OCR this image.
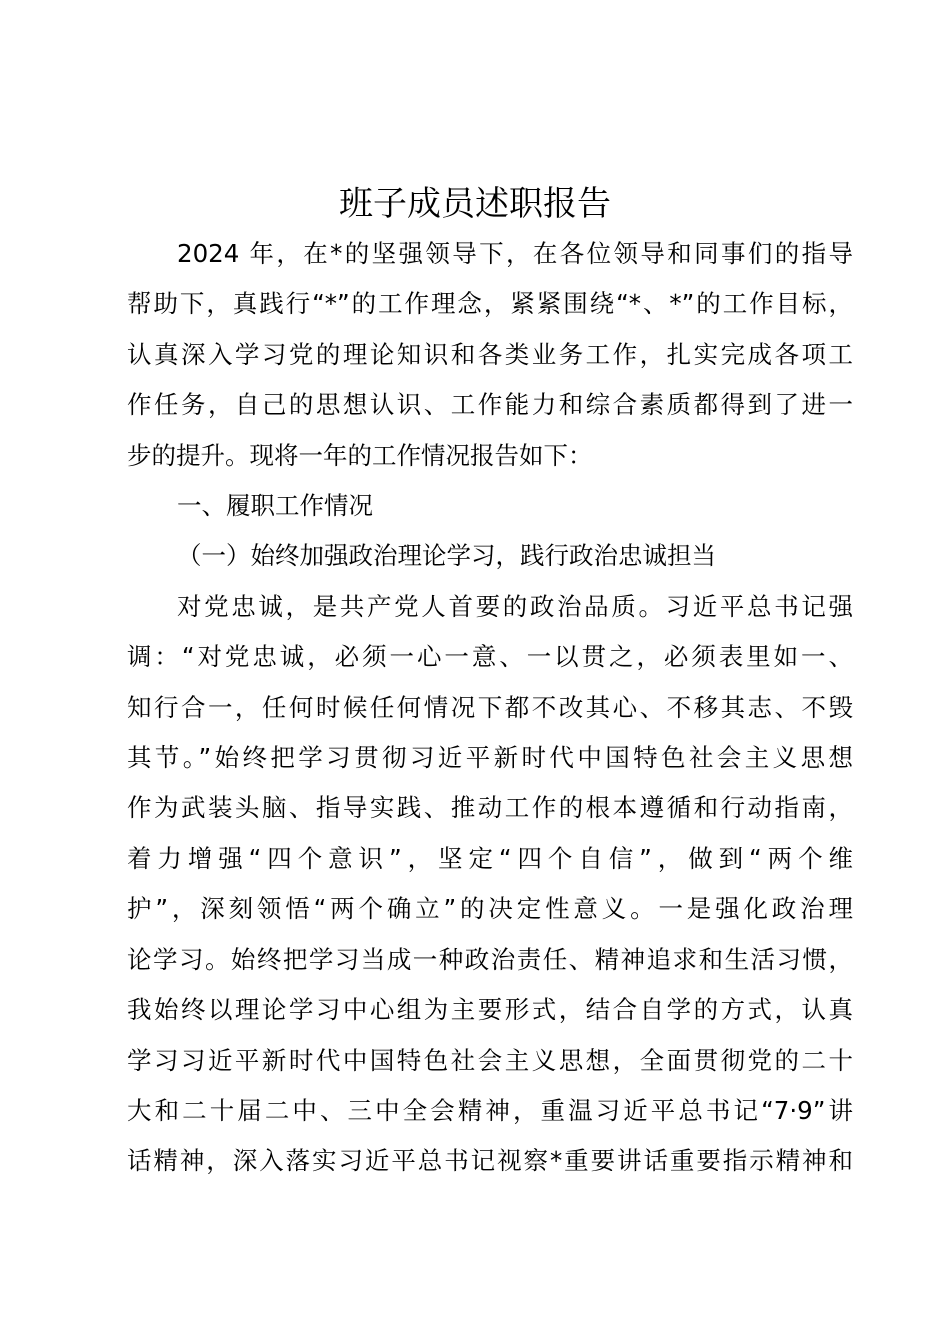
班子成员述职报告

2024 年，在*的坚强领导下，在各位领导和同事们的指导
帮助下，真践行“*”的工作理念，紧紧围绕“*、*”的工作目标，
认真深入学习党的理论知识和各类业务工作，扎实完成各项工
作任务，自己的思想认识、工作能力和综合素质都得到了进一
步的提升。现将一年的工作情况报告如下：

一、履职工作情况

（一）始终加强政治理论学习，践行政治忠诚担当

对党忠诚，是共产党人首要的政治品质。习近平总书记强
调：“对党忠诚，必须一心一意、一以贯之，必须表里如一、
知行合一，任何时候任何情况下都不改其心、不移其志、不毁
其节。”始终把学习贯彻习近平新时代中国特色社会主义思想
作为武装头脑、指导实践、推动工作的根本遵循和行动指南，
着力增强“四个意识”，坚定“四个自信”，做到“两个维
护”，深刻领悟“两个确立”的决定性意义。一是强化政治理
论学习。始终把学习当成一种政治责任、精神追求和生活习惯，
我始终以理论学习中心组为主要形式，结合自学的方式，认真
学习习近平新时代中国特色社会主义思想，全面贯彻党的二十
大和二十届二中、三中全会精神，重温习近平总书记“7·9”讲
话精神，深入落实习近平总书记视察*重要讲话重要指示精神和
